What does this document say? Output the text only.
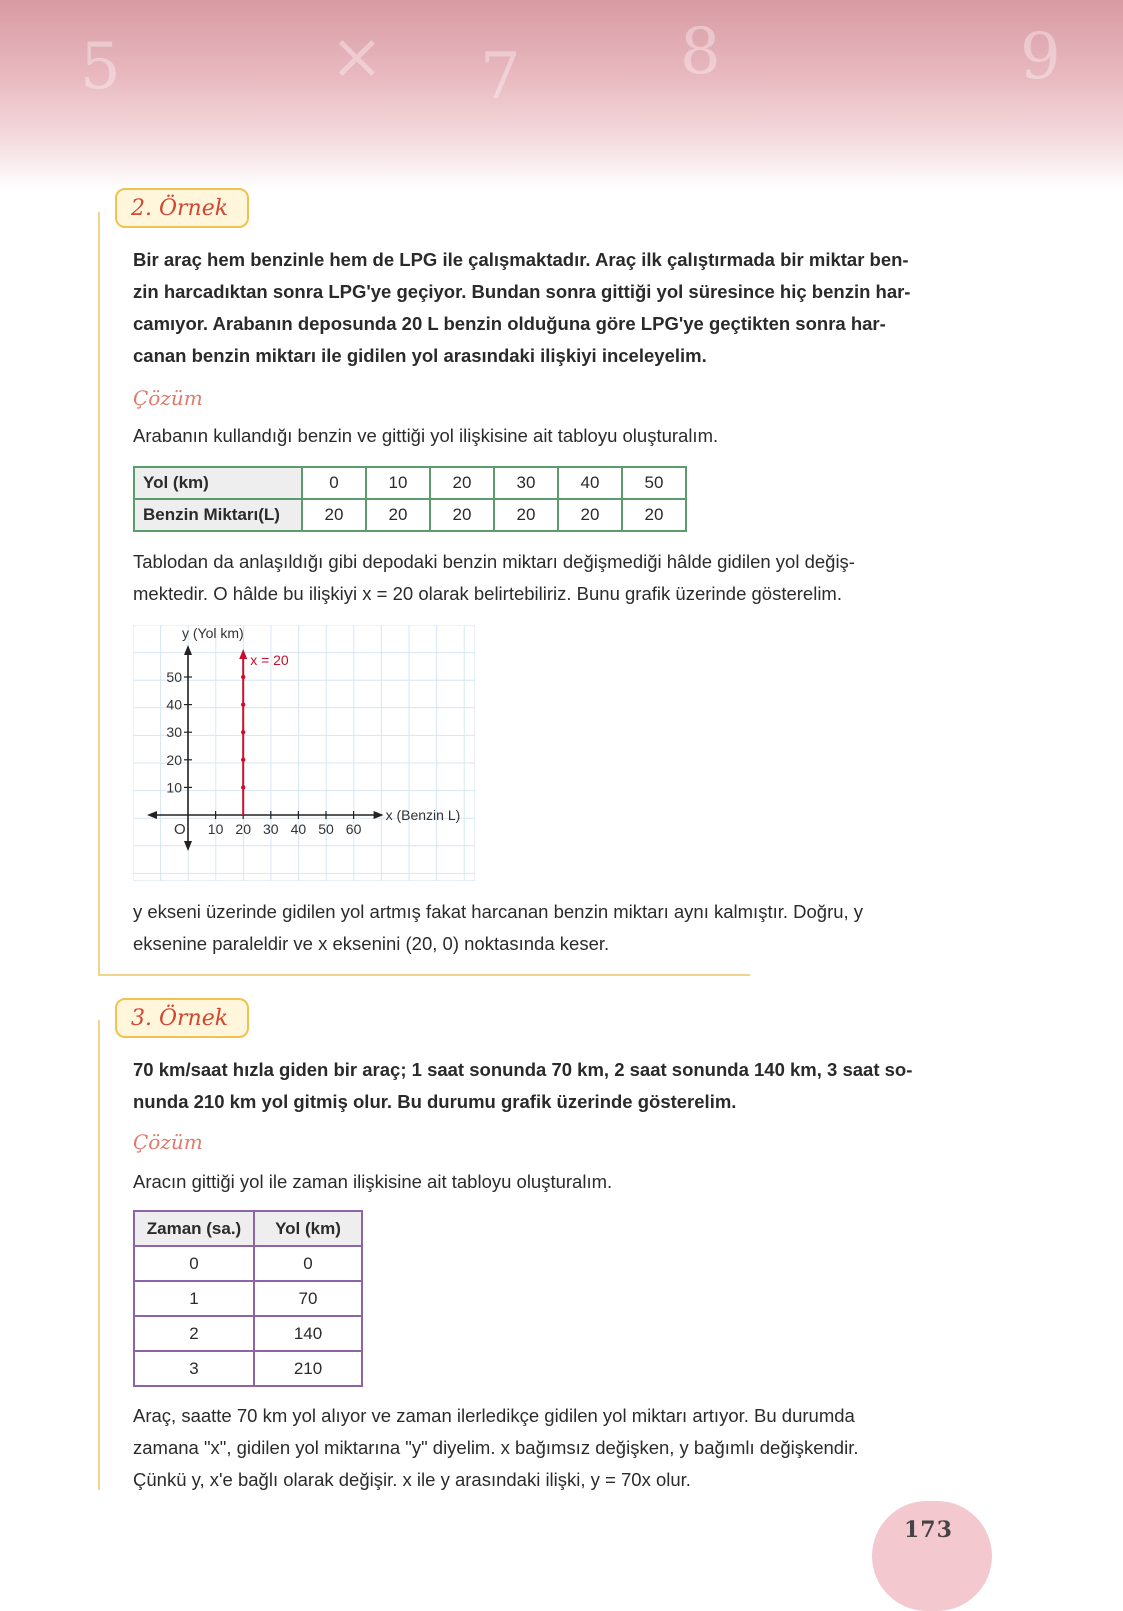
5	× 7 8	9
2. Örnek
Bir araç hem benzinle hem de LPG ile çalışmaktadır. Araç ilk çalıştırmada bir miktar ben-
zin harcadıktan sonra LPG'ye geçiyor. Bundan sonra gittiği yol süresince hiç benzin har-
camıyor. Arabanın deposunda 20 L benzin olduğuna göre LPG'ye geçtikten sonra har-
canan benzin miktarı ile gidilen yol arasındaki ilişkiyi inceleyelim.
Çözüm
Arabanın kullandığı benzin ve gittiği yol ilişkisine ait tabloyu oluşturalım.
Yol (km)	0	10	20	30	40	50
Benzin Miktarı(L)	20	20	20	20	20	20
Tablodan da anlaşıldığı gibi depodaki benzin miktarı değişmediği hâlde gidilen yol değiş-
mektedir. O hâlde bu ilişkiyi x = 20 olarak belirtebiliriz. Bunu grafik üzerinde gösterelim.
10 20 30 40 50 60
10
20
30
40
50
y (Yol km)
x (Benzin L)
O
x = 20
y ekseni üzerinde gidilen yol artmış fakat harcanan benzin miktarı aynı kalmıştır. Doğru, y
eksenine paraleldir ve x eksenini (20, 0) noktasında keser.
3. Örnek
70 km/saat hızla giden bir araç; 1 saat sonunda 70 km, 2 saat sonunda 140 km, 3 saat so-
nunda 210 km yol gitmiş olur. Bu durumu grafik üzerinde gösterelim.
Çözüm
Aracın gittiği yol ile zaman ilişkisine ait tabloyu oluşturalım.
Zaman (sa.)	Yol (km)
0	0
1	70
2	140
3	210
Araç, saatte 70 km yol alıyor ve zaman ilerledikçe gidilen yol miktarı artıyor. Bu durumda
zamana "x", gidilen yol miktarına "y" diyelim. x bağımsız değişken, y bağımlı değişkendir.
Çünkü y, x'e bağlı olarak değişir. x ile y arasındaki ilişki, y = 70x olur.
173
